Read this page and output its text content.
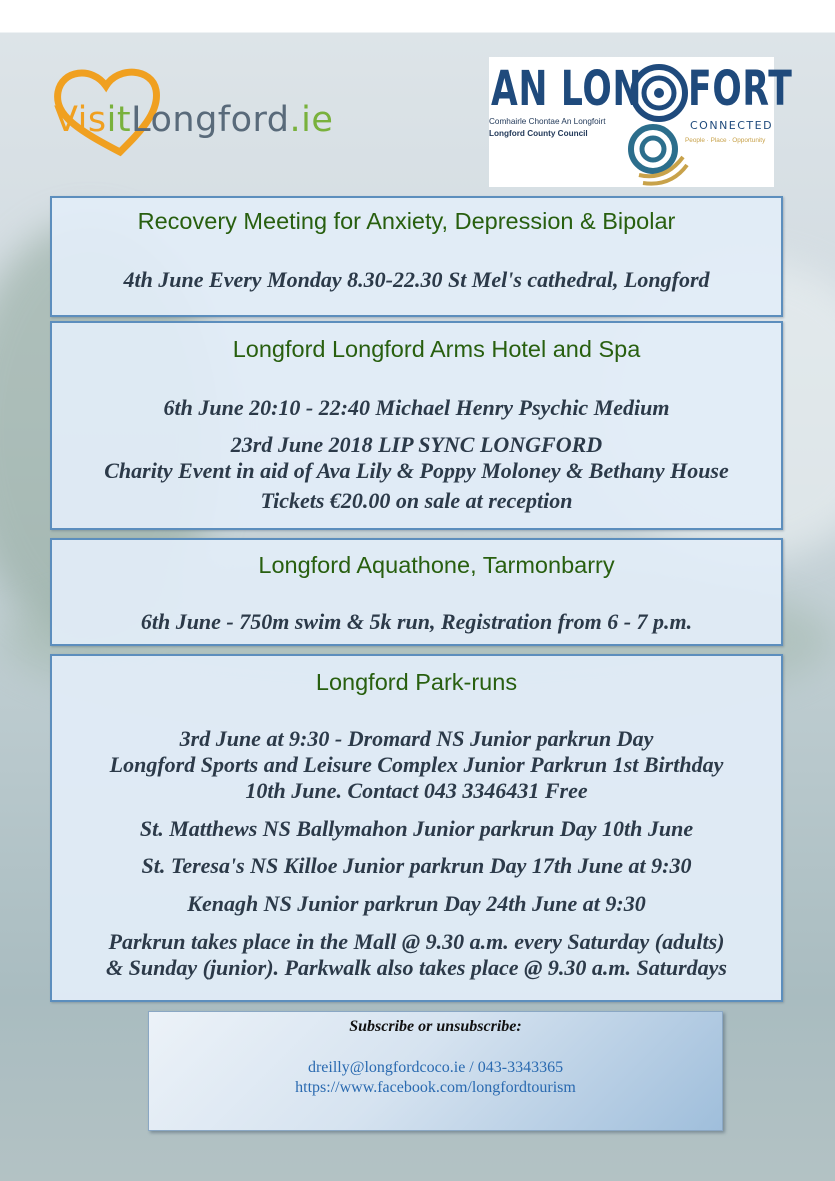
VisitLongford.ie
AN LON FORT
Comhairle Chontae An Longfoirt
Longford County Council
CONNECTED
People · Place · Opportunity
Recovery Meeting for Anxiety, Depression & Bipolar
4th June Every Monday 8.30-22.30 St Mel's cathedral, Longford
Longford Longford Arms Hotel and Spa
6th June 20:10 - 22:40 Michael Henry Psychic Medium
23rd June 2018 LIP SYNC LONGFORD
Charity Event in aid of Ava Lily & Poppy Moloney & Bethany House
Tickets €20.00 on sale at reception
Longford Aquathone, Tarmonbarry
6th June - 750m swim & 5k run, Registration from 6 - 7 p.m.
Longford Park-runs
3rd June at 9:30 - Dromard NS Junior parkrun Day
Longford Sports and Leisure Complex Junior Parkrun 1st Birthday
10th June. Contact 043 3346431 Free
St. Matthews NS Ballymahon Junior parkrun Day 10th June
St. Teresa's NS Killoe Junior parkrun Day 17th June at 9:30
Kenagh NS Junior parkrun Day 24th June at 9:30
Parkrun takes place in the Mall @ 9.30 a.m. every Saturday (adults)
& Sunday (junior). Parkwalk also takes place @ 9.30 a.m. Saturdays
Subscribe or unsubscribe:
dreilly@longfordcoco.ie / 043-3343365
https://www.facebook.com/longfordtourism
